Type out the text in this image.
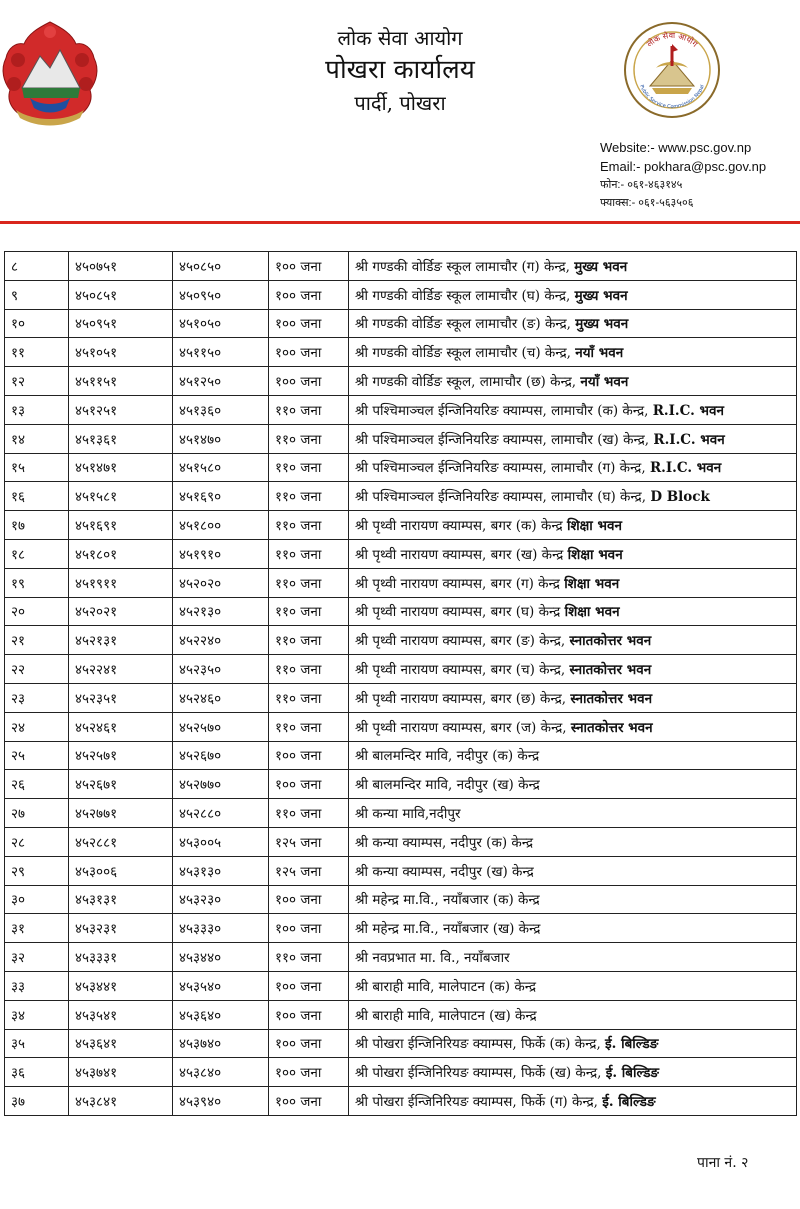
लोक सेवा आयोग
पोखरा कार्यालय
पार्दी, पोखरा
लोक सेवा आयोग
Public Service Commission Nepal
Website:- www.psc.gov.np
Email:- pokhara@psc.gov.np
फोन:- ०६१-४६३१४५
फ्याक्स:- ०६१-५६३५०६
८	४५०७५१	४५०८५०	१०० जना	श्री गण्डकी वोर्डिङ स्कूल लामाचौर (ग) केन्द्र, मुख्य भवन
९	४५०८५१	४५०९५०	१०० जना	श्री गण्डकी वोर्डिङ स्कूल लामाचौर (घ) केन्द्र, मुख्य भवन
१०	४५०९५१	४५१०५०	१०० जना	श्री गण्डकी वोर्डिङ स्कूल लामाचौर (ङ) केन्द्र, मुख्य भवन
११	४५१०५१	४५११५०	१०० जना	श्री गण्डकी वोर्डिङ स्कूल लामाचौर (च) केन्द्र, नयाँ भवन
१२	४५११५१	४५१२५०	१०० जना	श्री गण्डकी वोर्डिङ स्कूल, लामाचौर (छ) केन्द्र, नयाँ भवन
१३	४५१२५१	४५१३६०	११० जना	श्री पश्चिमाञ्चल ईन्जिनियरिङ क्याम्पस, लामाचौर (क) केन्द्र, R.I.C. भवन
१४	४५१३६१	४५१४७०	११० जना	श्री पश्चिमाञ्चल ईन्जिनियरिङ क्याम्पस, लामाचौर (ख) केन्द्र, R.I.C. भवन
१५	४५१४७१	४५१५८०	११० जना	श्री पश्चिमाञ्चल ईन्जिनियरिङ क्याम्पस, लामाचौर (ग) केन्द्र, R.I.C. भवन
१६	४५१५८१	४५१६९०	११० जना	श्री पश्चिमाञ्चल ईन्जिनियरिङ क्याम्पस, लामाचौर (घ) केन्द्र, D Block
१७	४५१६९१	४५१८००	११० जना	श्री पृथ्वी नारायण क्याम्पस, बगर (क) केन्द्र शिक्षा भवन
१८	४५१८०१	४५१९१०	११० जना	श्री पृथ्वी नारायण क्याम्पस, बगर (ख) केन्द्र शिक्षा भवन
१९	४५१९११	४५२०२०	११० जना	श्री पृथ्वी नारायण क्याम्पस, बगर (ग) केन्द्र शिक्षा भवन
२०	४५२०२१	४५२१३०	११० जना	श्री पृथ्वी नारायण क्याम्पस, बगर (घ) केन्द्र शिक्षा भवन
२१	४५२१३१	४५२२४०	११० जना	श्री पृथ्वी नारायण क्याम्पस, बगर (ङ) केन्द्र, स्नातकोत्तर भवन
२२	४५२२४१	४५२३५०	११० जना	श्री पृथ्वी नारायण क्याम्पस, बगर (च) केन्द्र, स्नातकोत्तर भवन
२३	४५२३५१	४५२४६०	११० जना	श्री पृथ्वी नारायण क्याम्पस, बगर (छ) केन्द्र, स्नातकोत्तर भवन
२४	४५२४६१	४५२५७०	११० जना	श्री पृथ्वी नारायण क्याम्पस, बगर (ज) केन्द्र, स्नातकोत्तर भवन
२५	४५२५७१	४५२६७०	१०० जना	श्री बालमन्दिर मावि, नदीपुर (क) केन्द्र
२६	४५२६७१	४५२७७०	१०० जना	श्री बालमन्दिर मावि, नदीपुर (ख) केन्द्र
२७	४५२७७१	४५२८८०	११० जना	श्री कन्या मावि,नदीपुर
२८	४५२८८१	४५३००५	१२५ जना	श्री कन्या क्याम्पस, नदीपुर (क) केन्द्र
२९	४५३००६	४५३१३०	१२५ जना	श्री कन्या क्याम्पस, नदीपुर (ख) केन्द्र
३०	४५३१३१	४५३२३०	१०० जना	श्री महेन्द्र मा.वि., नयाँबजार (क) केन्द्र
३१	४५३२३१	४५३३३०	१०० जना	श्री महेन्द्र मा.वि., नयाँबजार (ख) केन्द्र
३२	४५३३३१	४५३४४०	११० जना	श्री नवप्रभात मा. वि., नयाँबजार
३३	४५३४४१	४५३५४०	१०० जना	श्री बाराही मावि, मालेपाटन (क) केन्द्र
३४	४५३५४१	४५३६४०	१०० जना	श्री बाराही मावि, मालेपाटन (ख) केन्द्र
३५	४५३६४१	४५३७४०	१०० जना	श्री पोखरा ईन्जिनिरियङ क्याम्पस, फिर्के (क) केन्द्र, ई. बिल्डिङ
३६	४५३७४१	४५३८४०	१०० जना	श्री पोखरा ईन्जिनिरियङ क्याम्पस, फिर्के (ख) केन्द्र, ई. बिल्डिङ
३७	४५३८४१	४५३९४०	१०० जना	श्री पोखरा ईन्जिनिरियङ क्याम्पस, फिर्के (ग) केन्द्र, ई. बिल्डिङ
पाना नं. २
